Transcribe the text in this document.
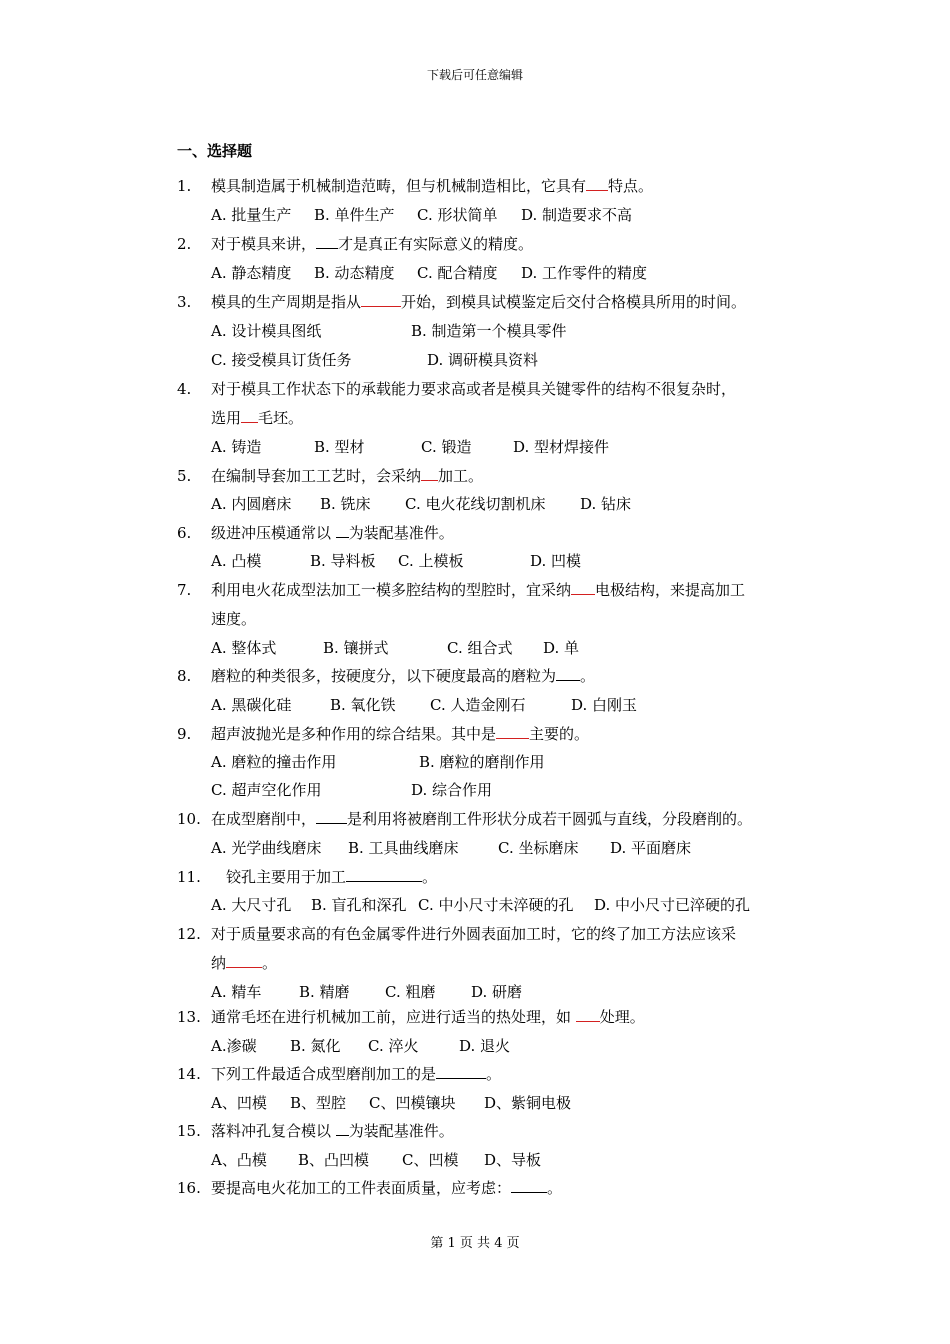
下载后可任意编辑
一、选择题
1. 模具制造属于机械制造范畴，但与机械制造相比，它具有 特点。
A. 批量生产 B. 单件生产 C. 形状简单 D. 制造要求不高
2. 对于模具来讲， 才是真正有实际意义的精度。
A. 静态精度 B. 动态精度 C. 配合精度 D. 工作零件的精度
3. 模具的生产周期是指从	开始，到模具试模鉴定后交付合格模具所用的时间。
A. 设计模具图纸	B. 制造第一个模具零件
C. 接受模具订货任务	D. 调研模具资料
4. 对于模具工作状态下的承载能力要求高或者是模具关键零件的结构不很复杂时，
选用 毛坯。
A. 铸造	B. 型材	C. 锻造	D. 型材焊接件
5. 在编制导套加工工艺时，会采纳 加工。
A. 内圆磨床 B. 铣床 C. 电火花线切割机床 D. 钻床
6. 级进冲压模通常以 为装配基准件。
A. 凸模	B. 导料板 C. 上模板	D. 凹模
7. 利用电火花成型法加工一模多腔结构的型腔时，宜采纳 电极结构，来提高加工
速度。
A. 整体式	B. 镶拼式	C. 组合式 D. 单
8. 磨粒的种类很多，按硬度分，以下硬度最高的磨粒为 。
A. 黑碳化硅	B. 氧化铁 C. 人造金刚石	D. 白刚玉
9. 超声波抛光是多种作用的综合结果。其中是 主要的。
A. 磨粒的撞击作用	B. 磨粒的磨削作用
C. 超声空化作用	D. 综合作用
10. 在成型磨削中， 是利用将被磨削工件形状分成若干圆弧与直线，分段磨削的。
A. 光学曲线磨床 B. 工具曲线磨床	C. 坐标磨床 D. 平面磨床
11. 铰孔主要用于加工	。
A. 大尺寸孔 B. 盲孔和深孔 C. 中小尺寸未淬硬的孔 D. 中小尺寸已淬硬的孔
12. 对于质量要求高的有色金属零件进行外圆表面加工时，它的终了加工方法应该采
纳 。
A. 精车	B. 精磨 C. 粗磨 D. 研磨
13. 通常毛坯在进行机械加工前，应进行适当的热处理，如 处理。
A.渗碳 B. 氮化 C. 淬火	D. 退火
14. 下列工件最适合成型磨削加工的是	。
A、凹模 B、型腔 C、凹模镶块 D、紫铜电极
15. 落料冲孔复合模以 为装配基准件。
A、凸模 B、凸凹模 C、凹模 D、导板
16. 要提高电火花加工的工件表面质量，应考虑： 。
第 1 页 共 4 页
